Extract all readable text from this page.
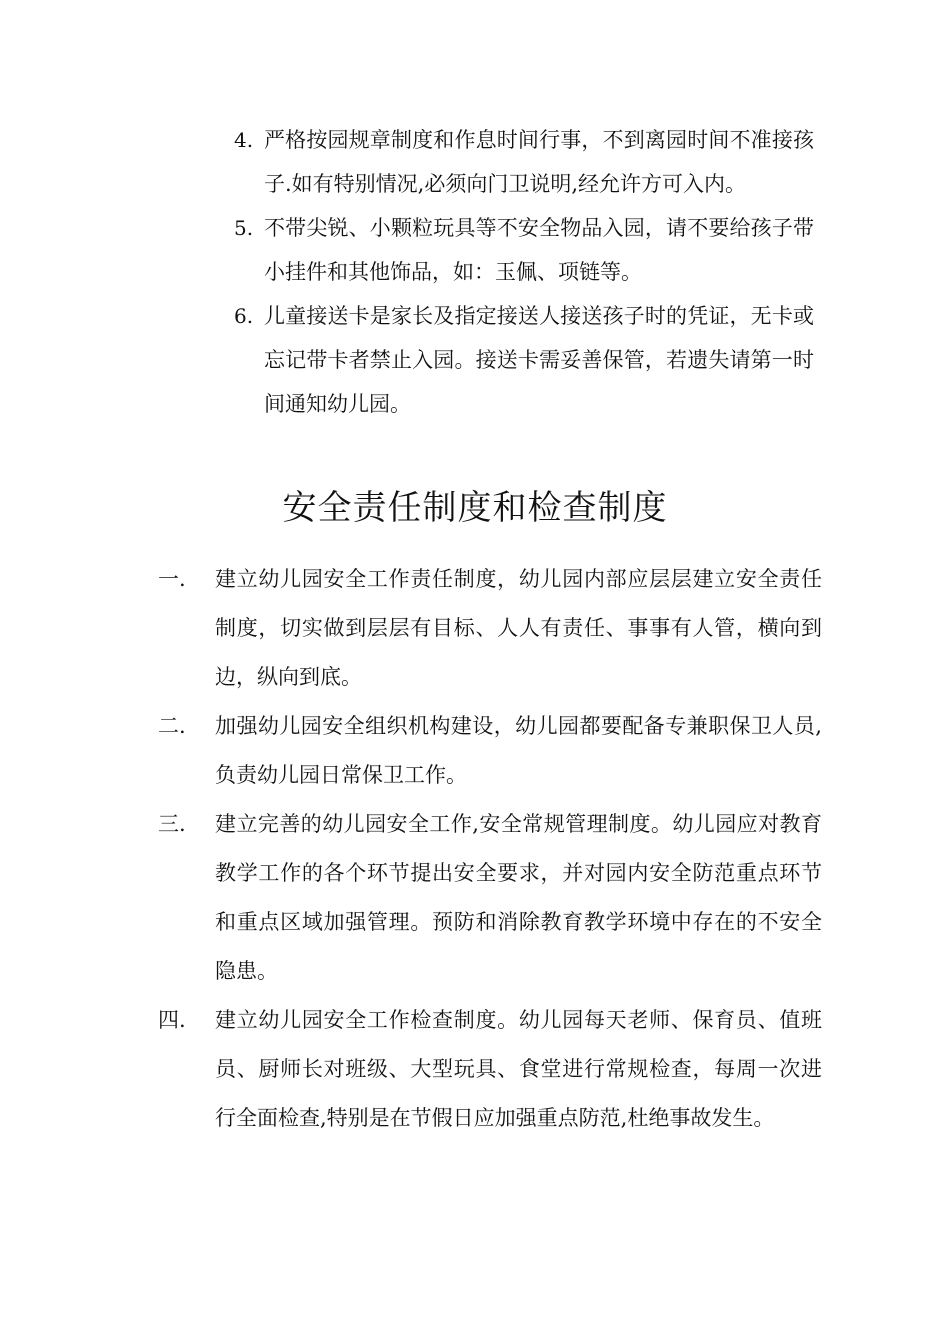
4. 严格按园规章制度和作息时间行事，不到离园时间不准接孩子.如有特别情况,必须向门卫说明,经允许方可入内。
5. 不带尖锐、小颗粒玩具等不安全物品入园，请不要给孩子带小挂件和其他饰品，如：玉佩、项链等。
6. 儿童接送卡是家长及指定接送人接送孩子时的凭证，无卡或忘记带卡者禁止入园。接送卡需妥善保管，若遗失请第一时间通知幼儿园。
安全责任制度和检查制度
一. 建立幼儿园安全工作责任制度，幼儿园内部应层层建立安全责任制度，切实做到层层有目标、人人有责任、事事有人管，横向到边，纵向到底。
二. 加强幼儿园安全组织机构建设，幼儿园都要配备专兼职保卫人员,负责幼儿园日常保卫工作。
三. 建立完善的幼儿园安全工作,安全常规管理制度。幼儿园应对教育教学工作的各个环节提出安全要求，并对园内安全防范重点环节和重点区域加强管理。预防和消除教育教学环境中存在的不安全隐患。
四. 建立幼儿园安全工作检查制度。幼儿园每天老师、保育员、值班员、厨师长对班级、大型玩具、食堂进行常规检查，每周一次进行全面检查,特别是在节假日应加强重点防范,杜绝事故发生。
